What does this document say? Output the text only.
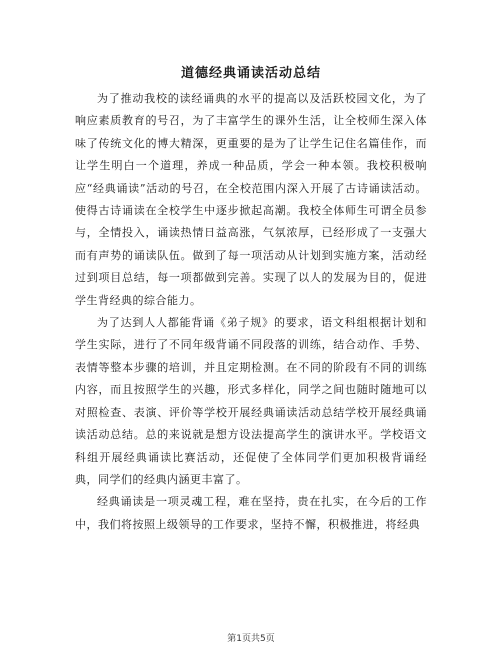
道德经典诵读活动总结

为了推动我校的读经诵典的水平的提高以及活跃校园文化，为了响应素质教育的号召，为了丰富学生的课外生活，让全校师生深入体味了传统文化的博大精深，更重要的是为了让学生记住名篇佳作，而让学生明白一个道理，养成一种品质，学会一种本领。我校积极响应“经典诵读”活动的号召，在全校范围内深入开展了古诗诵读活动。使得古诗诵读在全校学生中逐步掀起高潮。我校全体师生可谓全员参与，全情投入，诵读热情日益高涨，气氛浓厚，已经形成了一支强大而有声势的诵读队伍。做到了每一项活动从计划到实施方案，活动经过到项目总结，每一项都做到完善。实现了以人的发展为目的，促进学生背经典的综合能力。

为了达到人人都能背诵《弟子规》的要求，语文科组根据计划和学生实际，进行了不同年级背诵不同段落的训练，结合动作、手势、表情等整本步骤的培训，并且定期检测。在不同的阶段有不同的训练内容，而且按照学生的兴趣，形式多样化，同学之间也随时随地可以对照检查、表演、评价等学校开展经典诵读活动总结学校开展经典诵读活动总结。总的来说就是想方设法提高学生的演讲水平。学校语文科组开展经典诵读比赛活动，还促使了全体同学们更加积极背诵经典，同学们的经典内涵更丰富了。

经典诵读是一项灵魂工程，难在坚持，贵在扎实，在今后的工作中，我们将按照上级领导的工作要求，坚持不懈，积极推进，将经典

第1页共5页
